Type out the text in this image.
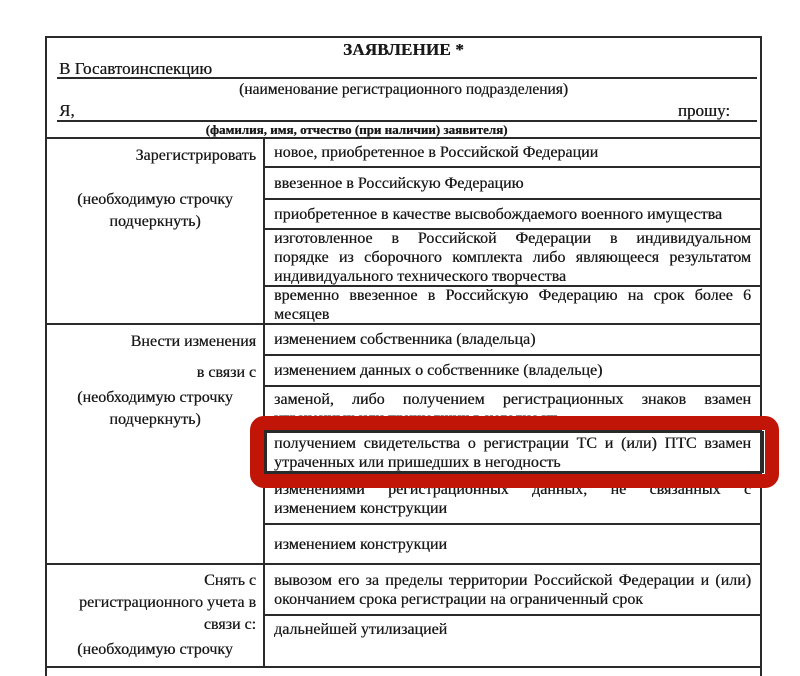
ЗАЯВЛЕНИЕ *
В Госавтоинспекцию
(наименование регистрационного подразделения)
Я,	прошу:
(фамилия, имя, отчество (при наличии) заявителя)
Зарегистрировать
(необходимую строчку
подчеркнуть)
новое, приобретенное в Российской Федерации
ввезенное в Российскую Федерацию
приобретенное в качестве высвобождаемого военного имущества
изготовленное в Российской Федерации в индивидуальном
порядке из сборочного комплекта либо являющееся результатом
индивидуального технического творчества
временно ввезенное в Российскую Федерацию на срок более 6
месяцев
Внести изменения
в связи с
(необходимую строчку
подчеркнуть)
изменением собственника (владельца)
изменением данных о собственнике (владельце)
заменой, либо получением регистрационных знаков взамен
утраченных или пришедших в негодность
получением свидетельства о регистрации ТС и (или) ПТС взамен
утраченных или пришедших в негодность
изменениями регистрационных данных, не связанных с
изменением конструкции
изменением конструкции
Снять с
регистрационного учета в
связи с:
(необходимую строчку
вывозом его за пределы территории Российской Федерации и (или)
окончанием срока регистрации на ограниченный срок
дальнейшей утилизацией
